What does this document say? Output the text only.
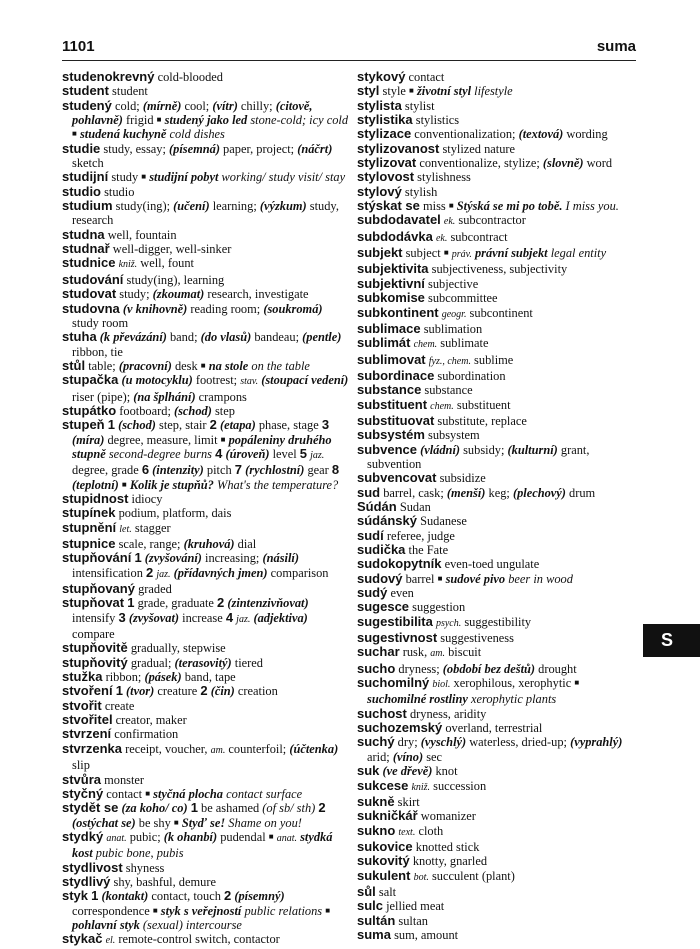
1101	suma

studenokrevný cold-blooded

student student

studený cold; (mírně) cool; (vítr) chilly; (citově, pohlavně) frigid ■ studený jako led stone-cold; icy cold ■ studená kuchyně cold dishes

studie study, essay; (písemná) paper, project; (náčrt) sketch

studijní study ■ studijní pobyt working/ study visit/ stay

studio studio

studium study(ing); (učení) learning; (výzkum) study, research

studna well, fountain

studnař well-digger, well-sinker

studnice kniž. well, fount

studování study(ing), learning

studovat study; (zkoumat) research, investigate

studovna (v knihovně) reading room; (soukromá) study room

stuha (k převázání) band; (do vlasů) bandeau; (pentle) ribbon, tie

stůl table; (pracovní) desk ■ na stole on the table

stupačka (u motocyklu) footrest; stav. (stoupací vedení) riser (pipe); (na šplhání) crampons

stupátko footboard; (schod) step

stupeň 1 (schod) step, stair 2 (etapa) phase, stage 3 (míra) degree, measure, limit ■ popáleniny druhého stupně second-degree burns 4 (úroveň) level 5 jaz. degree, grade 6 (intenzity) pitch 7 (rychlostní) gear 8 (teplotní) ■ Kolik je stupňů? What's the temperature?

stupidnost idiocy

stupínek podium, platform, dais

stupnění let. stagger

stupnice scale, range; (kruhová) dial

stupňování 1 (zvyšování) increasing; (násilí) intensification 2 jaz. (přídavných jmen) comparison

stupňovaný graded

stupňovat 1 grade, graduate 2 (zintenzivňovat) intensify 3 (zvyšovat) increase 4 jaz. (adjektiva) compare

stupňovitě gradually, stepwise

stupňovitý gradual; (terasovitý) tiered

stužka ribbon; (pásek) band, tape

stvoření 1 (tvor) creature 2 (čin) creation

stvořit create

stvořitel creator, maker

stvrzení confirmation

stvrzenka receipt, voucher, am. counterfoil; (účtenka) slip

stvůra monster

styčný contact ■ styčná plocha contact surface

stydět se (za koho/ co) 1 be ashamed (of sb/ sth) 2 (ostýchat se) be shy ■ Styď se! Shame on you!

stydký anat. pubic; (k ohanbí) pudendal ■ anat. stydká kost pubic bone, pubis

stydlivost shyness

stydlivý shy, bashful, demure

styk 1 (kontakt) contact, touch 2 (písemný) correspondence ■ styk s veřejností public relations ■ pohlavní styk (sexual) intercourse

stykač el. remote-control switch, contactor

stykový contact

styl style ■ životní styl lifestyle

stylista stylist

stylistika stylistics

stylizace conventionalization; (textová) wording

stylizovanost stylized nature

stylizovat conventionalize, stylize; (slovně) word

stylovost stylishness

stylový stylish

stýskat se miss ■ Stýská se mi po tobě. I miss you.

subdodavatel ek. subcontractor

subdodávka ek. subcontract

subjekt subject ■ práv. právní subjekt legal entity

subjektivita subjectiveness, subjectivity

subjektivní subjective

subkomise subcommittee

subkontinent geogr. subcontinent

sublimace sublimation

sublimát chem. sublimate

sublimovat fyz., chem. sublime

subordinace subordination

substance substance

substituent chem. substituent

substituovat substitute, replace

subsystém subsystem

subvence (vládní) subsidy; (kulturní) grant, subvention

subvencovat subsidize

sud barrel, cask; (menší) keg; (plechový) drum

Súdán Sudan

súdánský Sudanese

sudí referee, judge

sudička the Fate

sudokopytník even-toed ungulate

sudový barrel ■ sudové pivo beer in wood

sudý even

sugesce suggestion

sugestibilita psych. suggestibility

sugestivnost suggestiveness

suchar rusk, am. biscuit

sucho dryness; (období bez deštů) drought

suchomilný biol. xerophilous, xerophytic ■ suchomilné rostliny xerophytic plants

suchost dryness, aridity

suchozemský overland, terrestrial

suchý dry; (vyschlý) waterless, dried-up; (vyprahlý) arid; (víno) sec

suk (ve dřevě) knot

sukcese kniž. succession

sukně skirt

sukničkář womanizer

sukno text. cloth

sukovice knotted stick

sukovitý knotty, gnarled

sukulent bot. succulent (plant)

sůl salt

sulc jellied meat

sultán sultan

suma sum, amount

S
